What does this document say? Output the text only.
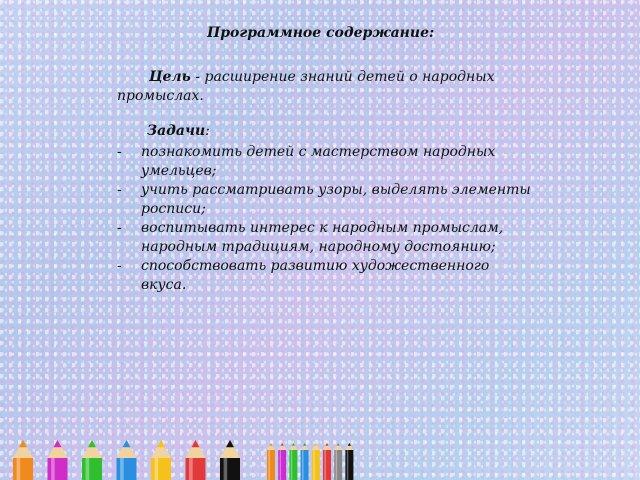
Программное содержание:

Цель - расширение знаний детей о народных промыслах.

Задачи:

- познакомить детей с мастерством народных умельцев;
- учить рассматривать узоры, выделять элементы росписи;
- воспитывать интерес к народным промыслам, народным традициям, народному достоянию;
- способствовать развитию художественного вкуса.
